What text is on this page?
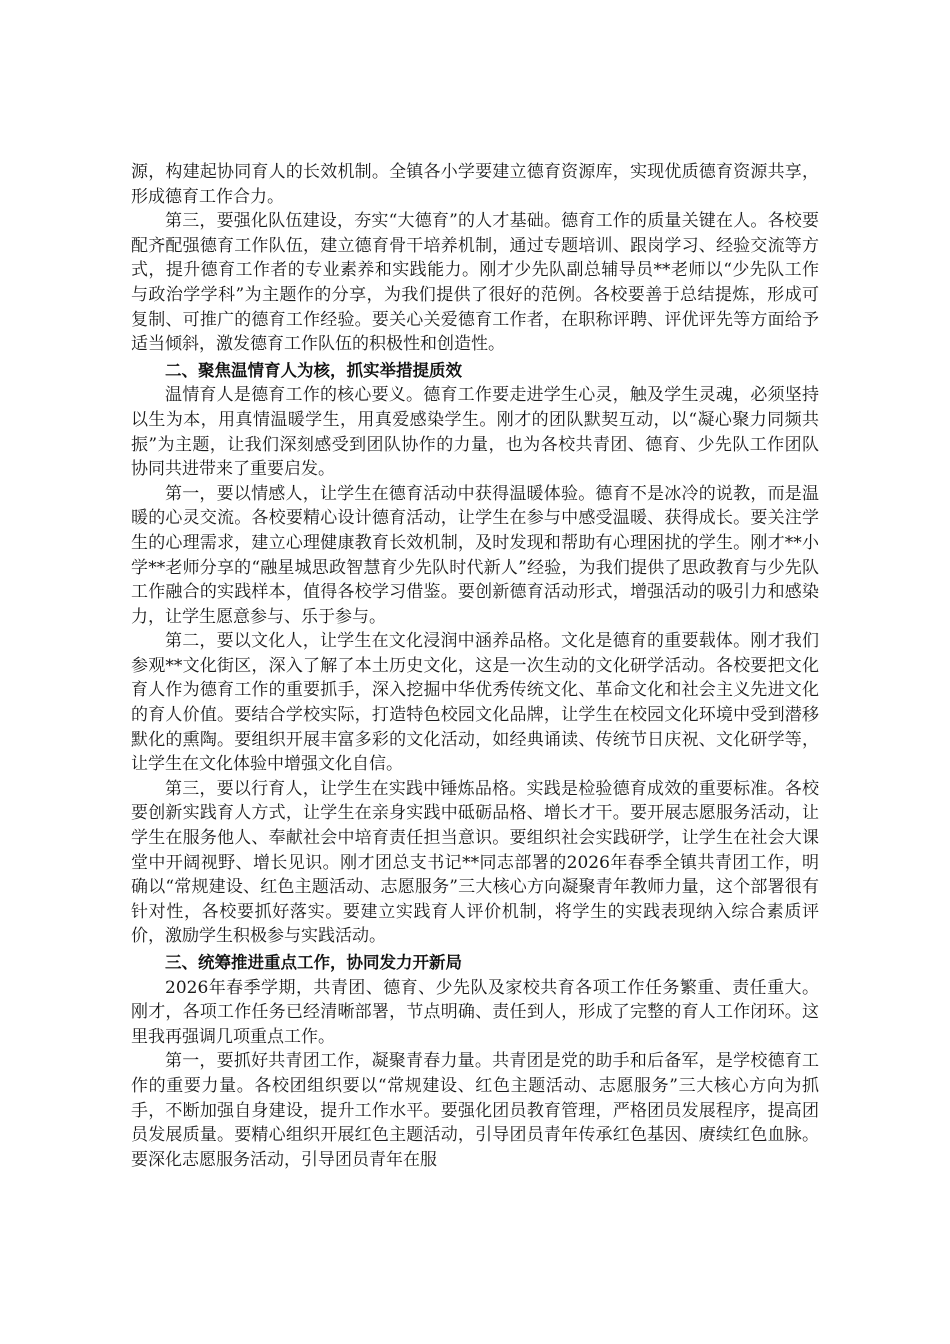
源，构建起协同育人的长效机制。全镇各小学要建立德育资源库，实现优质德育资源共享，形成德育工作合力。

第三，要强化队伍建设，夯实“大德育”的人才基础。德育工作的质量关键在人。各校要配齐配强德育工作队伍，建立德育骨干培养机制，通过专题培训、跟岗学习、经验交流等方式，提升德育工作者的专业素养和实践能力。刚才少先队副总辅导员**老师以“少先队工作与政治学学科”为主题作的分享，为我们提供了很好的范例。各校要善于总结提炼，形成可复制、可推广的德育工作经验。要关心关爱德育工作者，在职称评聘、评优评先等方面给予适当倾斜，激发德育工作队伍的积极性和创造性。

二、聚焦温情育人为核，抓实举措提质效

温情育人是德育工作的核心要义。德育工作要走进学生心灵，触及学生灵魂，必须坚持以生为本，用真情温暖学生，用真爱感染学生。刚才的团队默契互动，以“凝心聚力同频共振”为主题，让我们深刻感受到团队协作的力量，也为各校共青团、德育、少先队工作团队协同共进带来了重要启发。

第一，要以情感人，让学生在德育活动中获得温暖体验。德育不是冰冷的说教，而是温暖的心灵交流。各校要精心设计德育活动，让学生在参与中感受温暖、获得成长。要关注学生的心理需求，建立心理健康教育长效机制，及时发现和帮助有心理困扰的学生。刚才**小学**老师分享的“融星城思政智慧育少先队时代新人”经验，为我们提供了思政教育与少先队工作融合的实践样本，值得各校学习借鉴。要创新德育活动形式，增强活动的吸引力和感染力，让学生愿意参与、乐于参与。

第二，要以文化人，让学生在文化浸润中涵养品格。文化是德育的重要载体。刚才我们参观**文化街区，深入了解了本土历史文化，这是一次生动的文化研学活动。各校要把文化育人作为德育工作的重要抓手，深入挖掘中华优秀传统文化、革命文化和社会主义先进文化的育人价值。要结合学校实际，打造特色校园文化品牌，让学生在校园文化环境中受到潜移默化的熏陶。要组织开展丰富多彩的文化活动，如经典诵读、传统节日庆祝、文化研学等，让学生在文化体验中增强文化自信。

第三，要以行育人，让学生在实践中锤炼品格。实践是检验德育成效的重要标准。各校要创新实践育人方式，让学生在亲身实践中砥砺品格、增长才干。要开展志愿服务活动，让学生在服务他人、奉献社会中培育责任担当意识。要组织社会实践研学，让学生在社会大课堂中开阔视野、增长见识。刚才团总支书记**同志部署的2026年春季全镇共青团工作，明确以“常规建设、红色主题活动、志愿服务”三大核心方向凝聚青年教师力量，这个部署很有针对性，各校要抓好落实。要建立实践育人评价机制，将学生的实践表现纳入综合素质评价，激励学生积极参与实践活动。

三、统筹推进重点工作，协同发力开新局

2026年春季学期，共青团、德育、少先队及家校共育各项工作任务繁重、责任重大。刚才，各项工作任务已经清晰部署，节点明确、责任到人，形成了完整的育人工作闭环。这里我再强调几项重点工作。

第一，要抓好共青团工作，凝聚青春力量。共青团是党的助手和后备军，是学校德育工作的重要力量。各校团组织要以“常规建设、红色主题活动、志愿服务”三大核心方向为抓手，不断加强自身建设，提升工作水平。要强化团员教育管理，严格团员发展程序，提高团员发展质量。要精心组织开展红色主题活动，引导团员青年传承红色基因、赓续红色血脉。要深化志愿服务活动，引导团员青年在服
